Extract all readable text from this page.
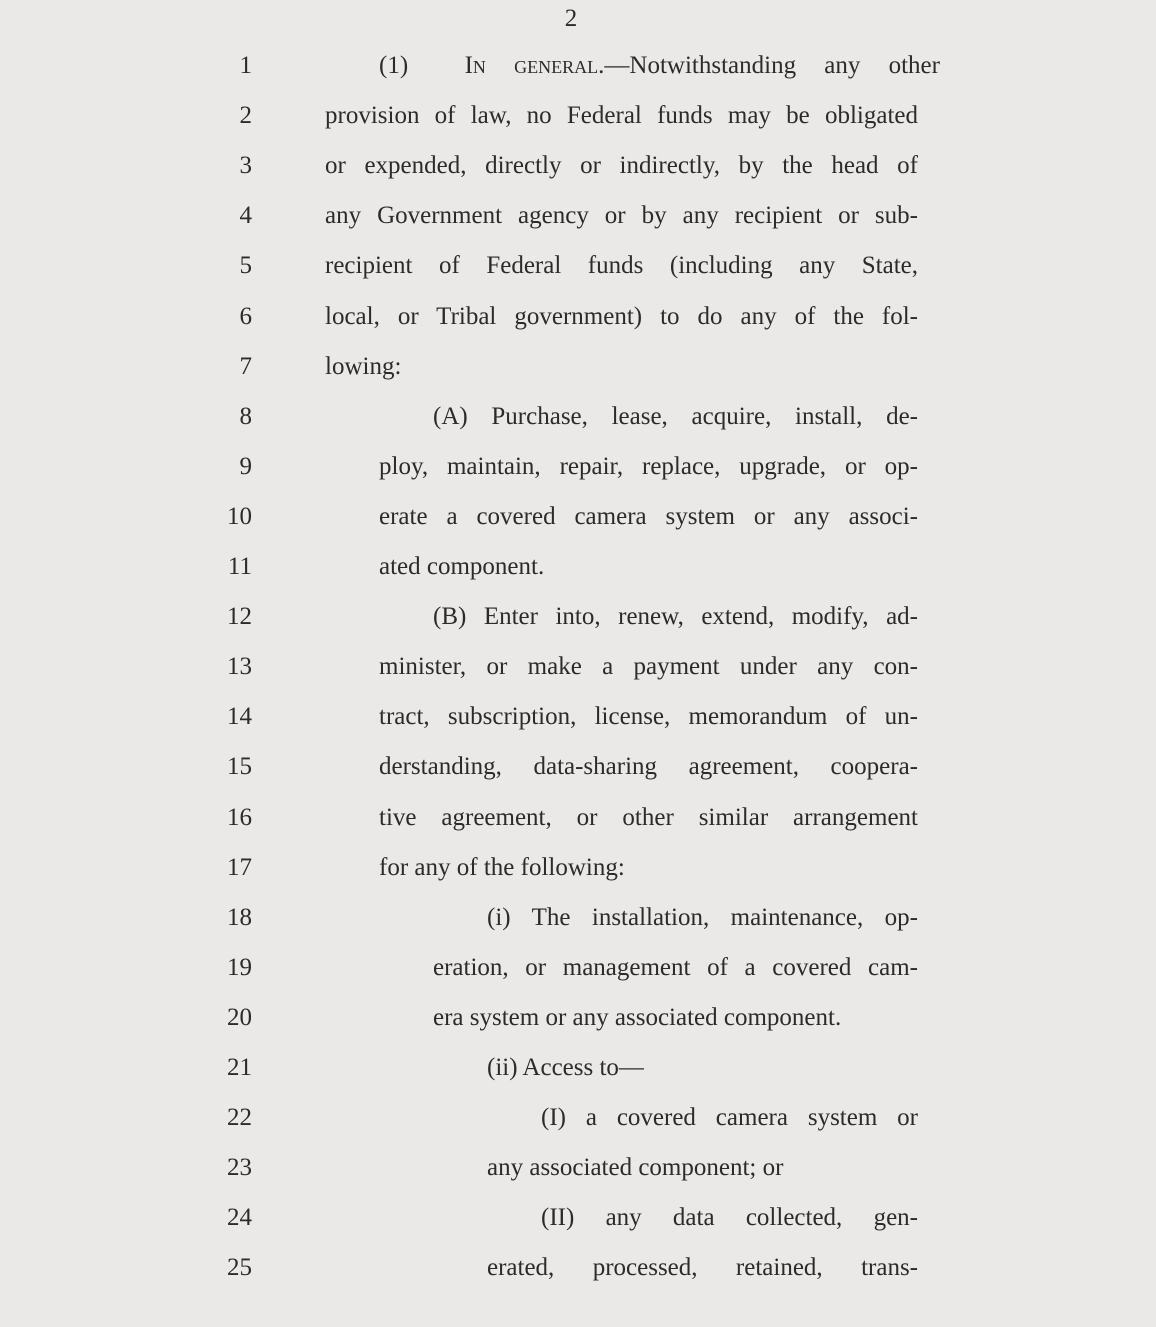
2
1	(1)  In general.—Notwithstanding any other
2	provision of law, no Federal funds may be obligated
3	or expended, directly or indirectly, by the head of
4	any Government agency or by any recipient or sub-
5	recipient of Federal funds (including any State,
6	local, or Tribal government) to do any of the fol-
7	lowing:
8	(A) Purchase, lease, acquire, install, de-
9	ploy, maintain, repair, replace, upgrade, or op-
10	erate a covered camera system or any associ-
11	ated component.
12	(B) Enter into, renew, extend, modify, ad-
13	minister, or make a payment under any con-
14	tract, subscription, license, memorandum of un-
15	derstanding, data-sharing agreement, coopera-
16	tive agreement, or other similar arrangement
17	for any of the following:
18	(i) The installation, maintenance, op-
19	eration, or management of a covered cam-
20	era system or any associated component.
21	(ii) Access to—
22	(I) a covered camera system or
23	any associated component; or
24	(II) any data collected, gen-
25	erated, processed, retained, trans-
